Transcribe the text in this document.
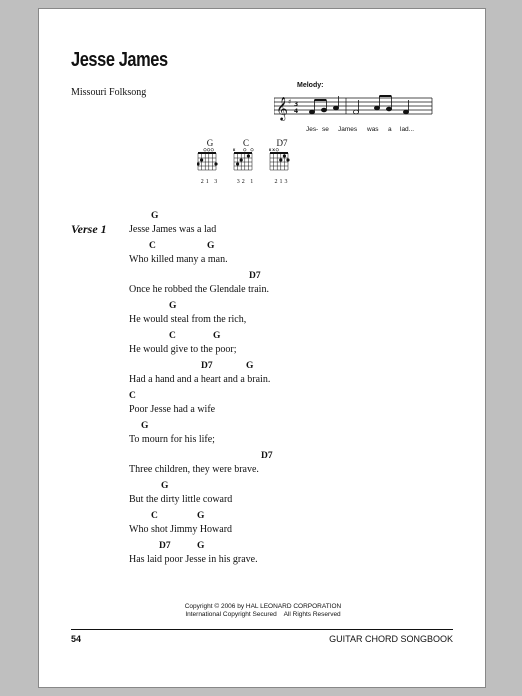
Jesse James
Missouri Folksong
Melody:
𝄞 ♯ 3
4
Jes - se James was a lad...
G
21 3
C
32 1
D7
213
Verse 1
G
Jesse James was a lad
C	G
Who killed many a man.
D7
Once he robbed the Glendale train.
G
He would steal from the rich,
C	G
He would give to the poor;
D7	G
Had a hand and a heart and a brain.
C
Poor Jesse had a wife
G
To mourn for his life;
D7
Three children, they were brave.
G
But the dirty little coward
C	G
Who shot Jimmy Howard
D7	G
Has laid poor Jesse in his grave.
Copyright © 2006 by HAL LEONARD CORPORATION
International Copyright Secured    All Rights Reserved
54	GUITAR CHORD SONGBOOK
